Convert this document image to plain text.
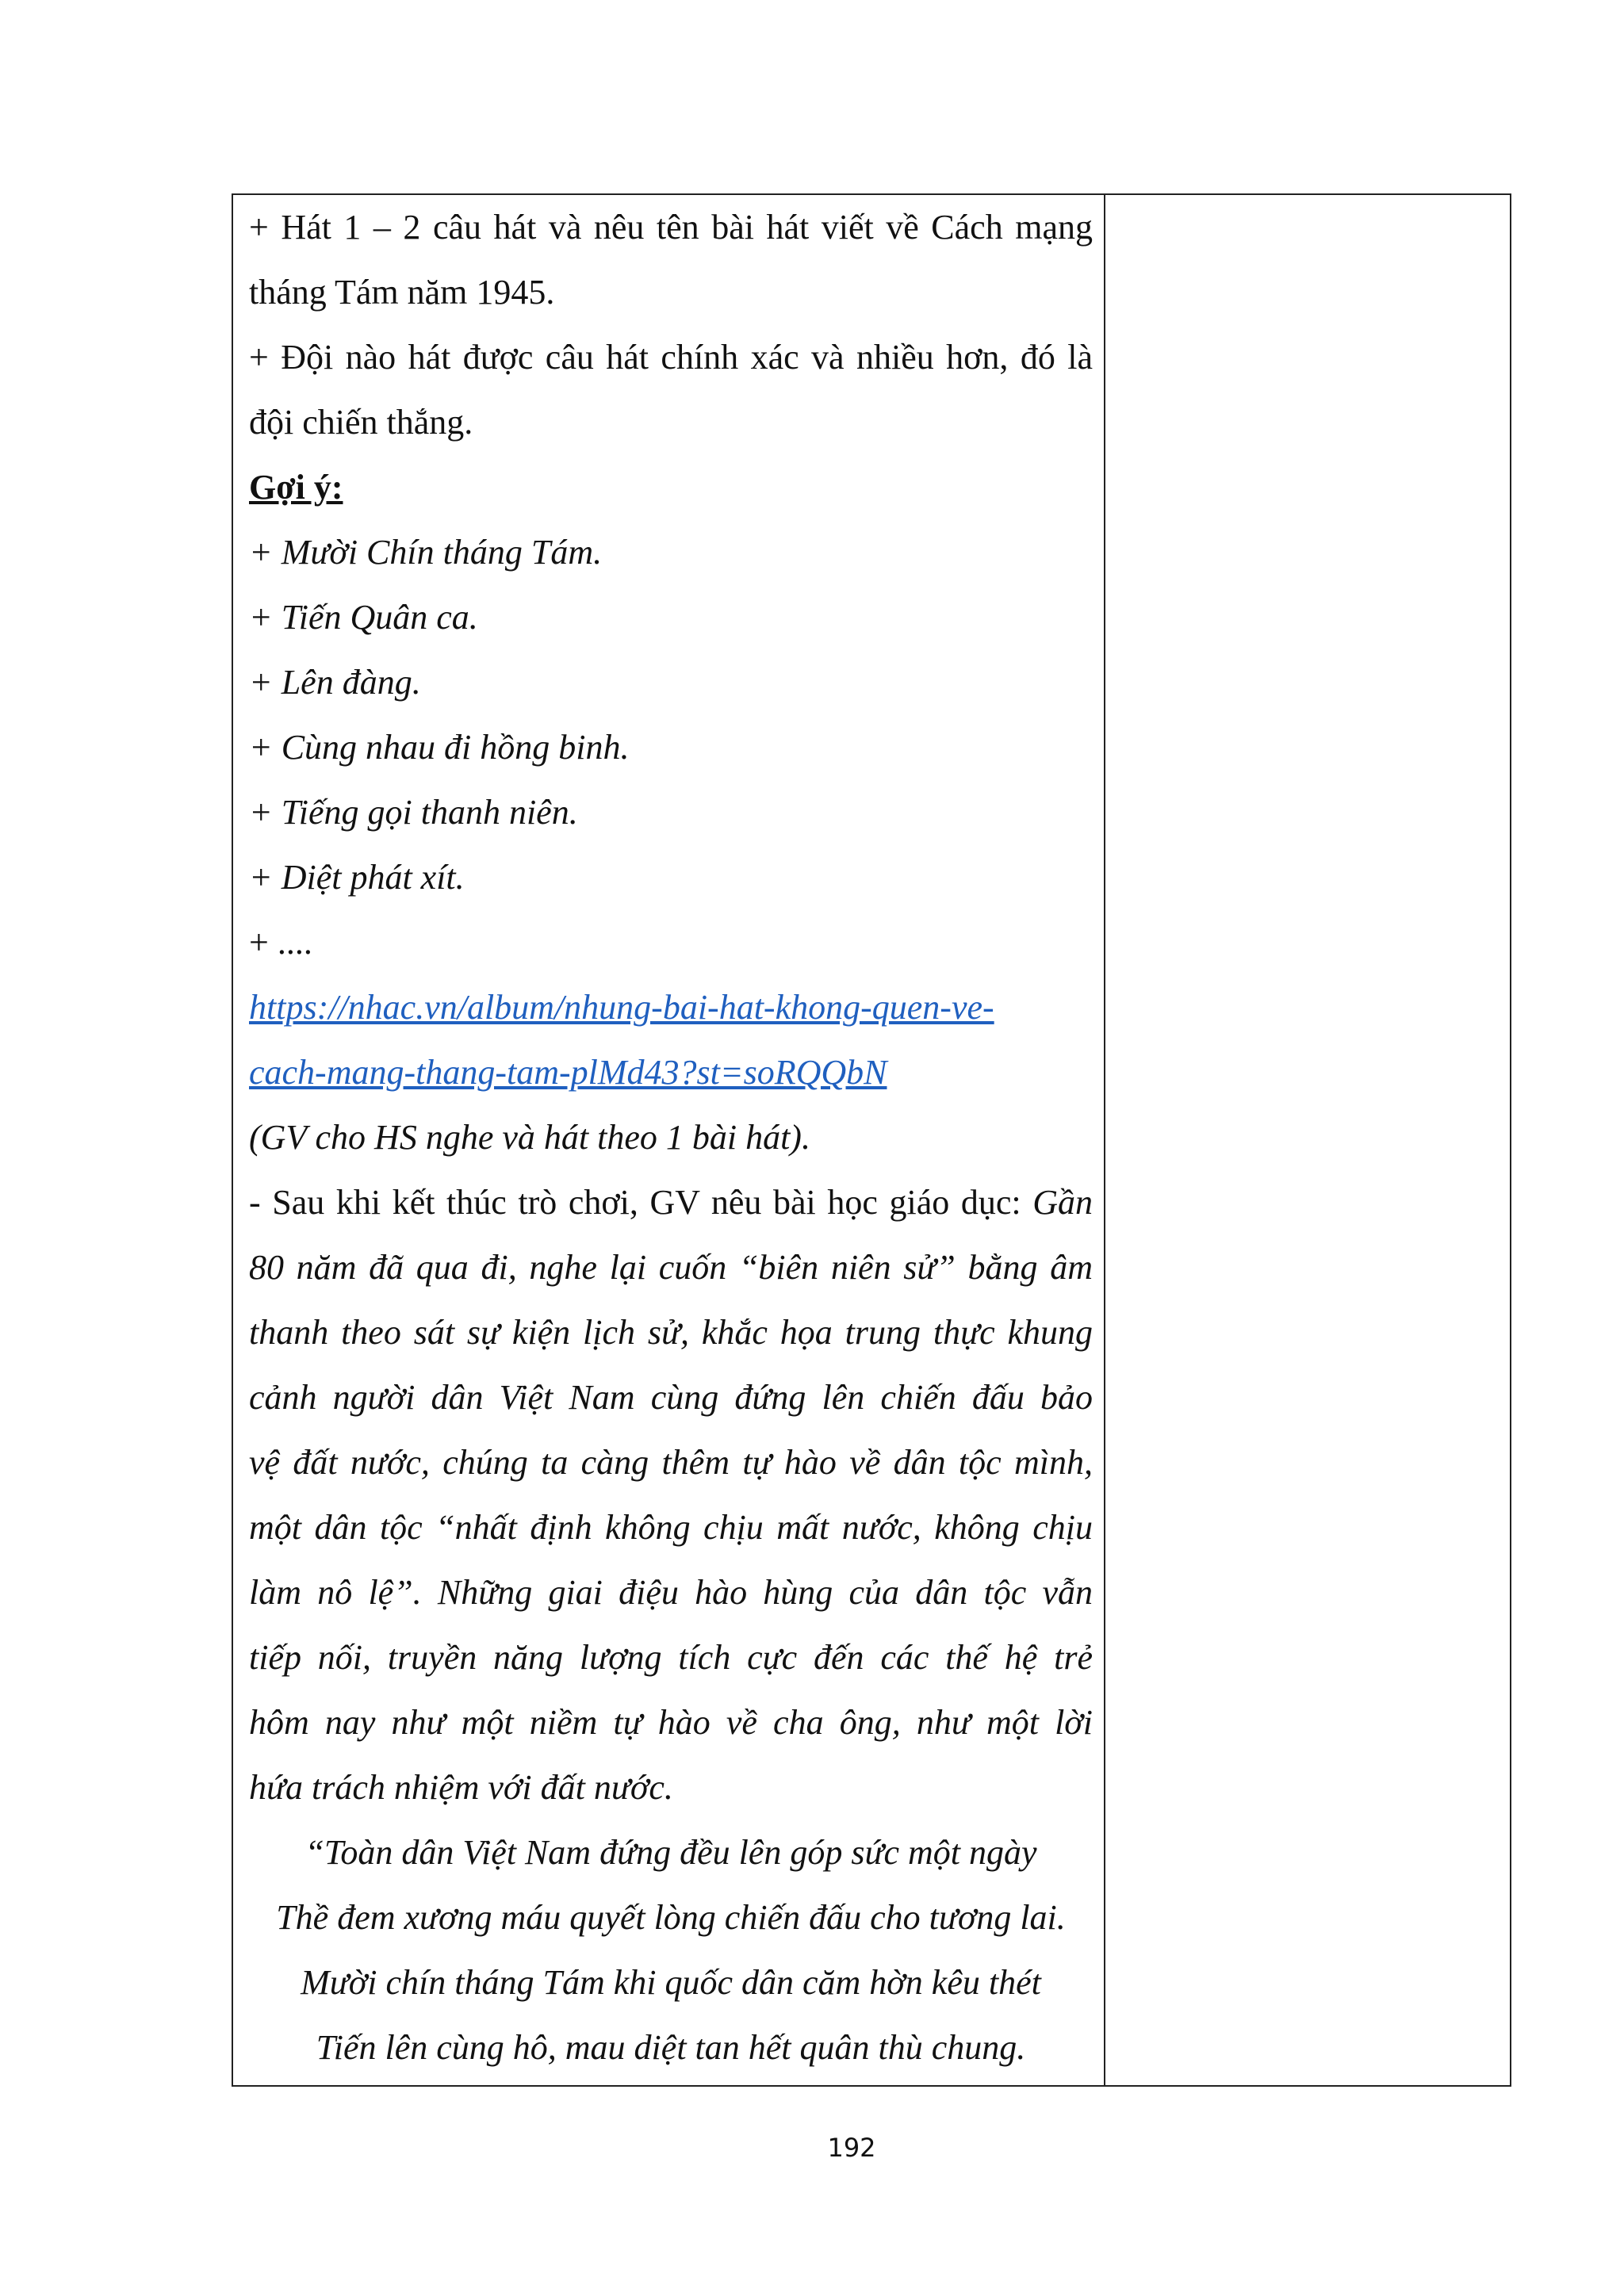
+ Hát 1 – 2 câu hát và nêu tên bài hát viết về Cách mạng
tháng Tám năm 1945.
+ Đội nào hát được câu hát chính xác và nhiều hơn, đó là
đội chiến thắng.
Gợi ý:
+ Mười Chín tháng Tám.
+ Tiến Quân ca.
+ Lên đàng.
+ Cùng nhau đi hồng binh.
+ Tiếng gọi thanh niên.
+ Diệt phát xít.
+ ....
https://nhac.vn/album/nhung-bai-hat-khong-quen-ve-
cach-mang-thang-tam-plMd43?st=soRQQbN
(GV cho HS nghe và hát theo 1 bài hát).
- Sau khi kết thúc trò chơi, GV nêu bài học giáo dục: Gần
80 năm đã qua đi, nghe lại cuốn “biên niên sử” bằng âm
thanh theo sát sự kiện lịch sử, khắc họa trung thực khung
cảnh người dân Việt Nam cùng đứng lên chiến đấu bảo
vệ đất nước, chúng ta càng thêm tự hào về dân tộc mình,
một dân tộc “nhất định không chịu mất nước, không chịu
làm nô lệ”. Những giai điệu hào hùng của dân tộc vẫn
tiếp nối, truyền năng lượng tích cực đến các thế hệ trẻ
hôm nay như một niềm tự hào về cha ông, như một lời
hứa trách nhiệm với đất nước.
“Toàn dân Việt Nam đứng đều lên góp sức một ngày
Thề đem xương máu quyết lòng chiến đấu cho tương lai.
Mười chín tháng Tám khi quốc dân căm hờn kêu thét
Tiến lên cùng hô, mau diệt tan hết quân thù chung.
192
